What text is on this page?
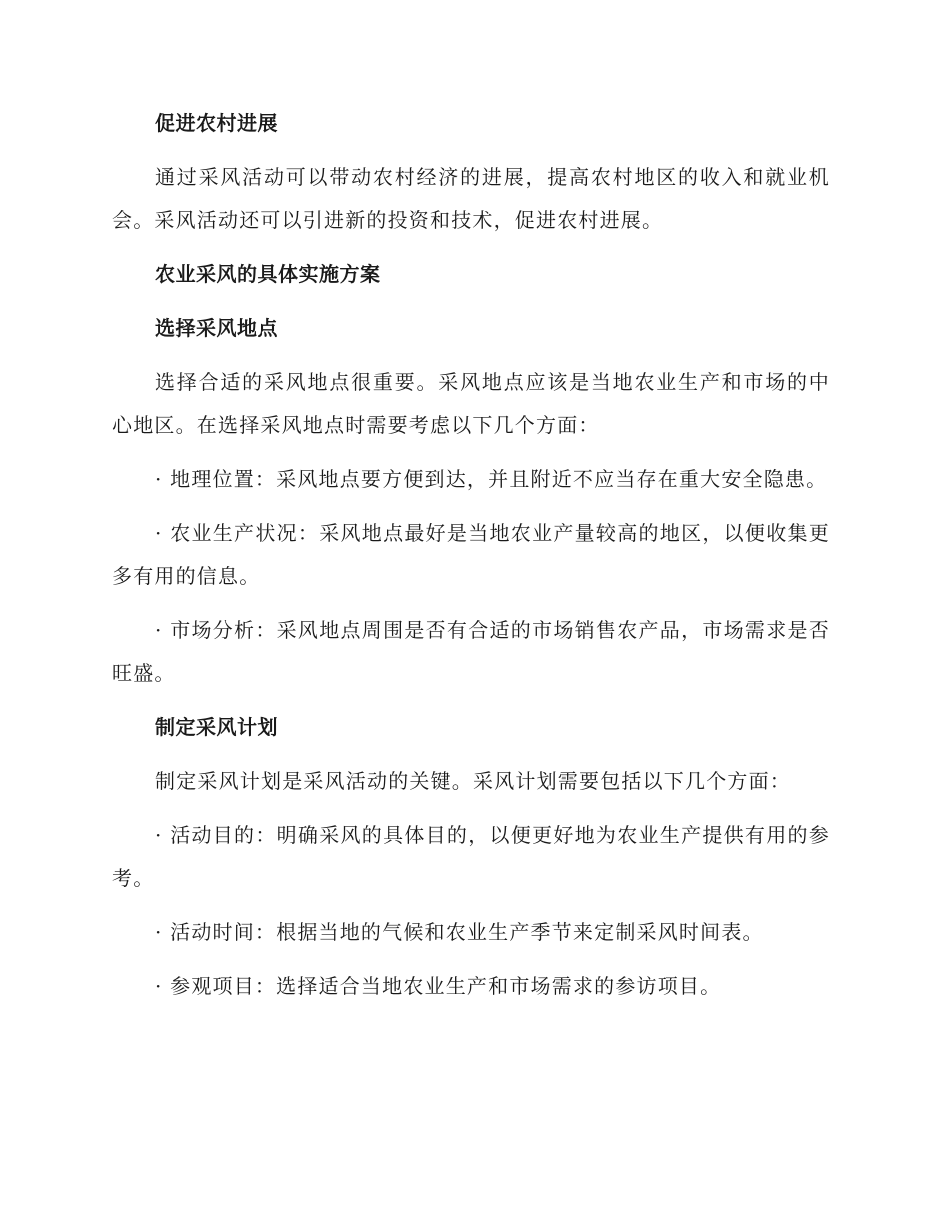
促进农村进展

通过采风活动可以带动农村经济的进展，提高农村地区的收入和就业机会。采风活动还可以引进新的投资和技术，促进农村进展。

农业采风的具体实施方案
选择采风地点

选择合适的采风地点很重要。采风地点应该是当地农业生产和市场的中心地区。在选择采风地点时需要考虑以下几个方面：

· 地理位置：采风地点要方便到达，并且附近不应当存在重大安全隐患。

· 农业生产状况：采风地点最好是当地农业产量较高的地区，以便收集更多有用的信息。

· 市场分析：采风地点周围是否有合适的市场销售农产品，市场需求是否旺盛。

制定采风计划

制定采风计划是采风活动的关键。采风计划需要包括以下几个方面：

· 活动目的：明确采风的具体目的，以便更好地为农业生产提供有用的参考。

· 活动时间：根据当地的气候和农业生产季节来定制采风时间表。

· 参观项目：选择适合当地农业生产和市场需求的参访项目。
